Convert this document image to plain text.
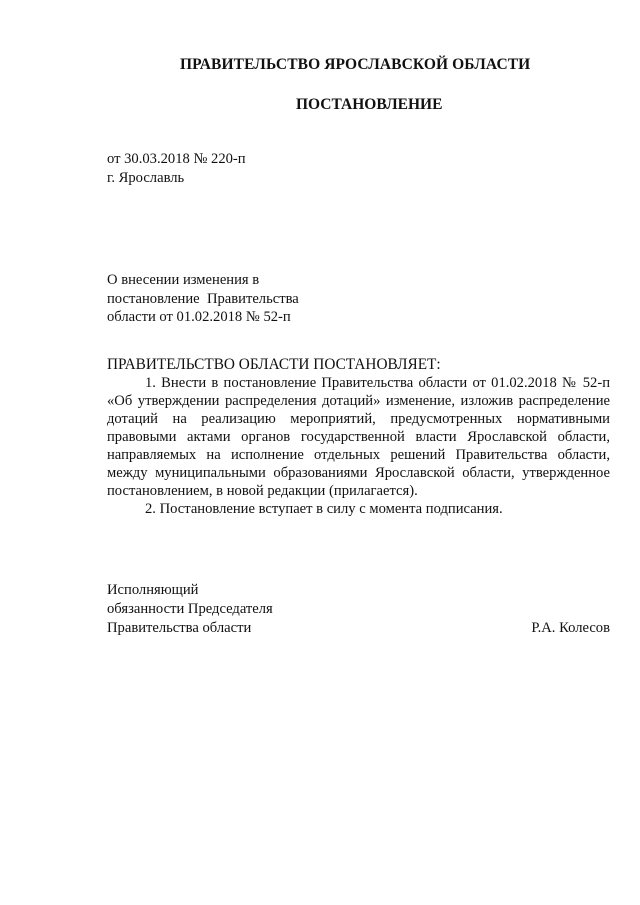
ПРАВИТЕЛЬСТВО ЯРОСЛАВСКОЙ ОБЛАСТИ
ПОСТАНОВЛЕНИЕ
от 30.03.2018 № 220-п
г. Ярославль
О внесении изменения в
постановление  Правительства
области от 01.02.2018 № 52-п
ПРАВИТЕЛЬСТВО ОБЛАСТИ ПОСТАНОВЛЯЕТ:

1. Внести в постановление Правительства области от 01.02.2018 № 52-п «Об утверждении распределения дотаций» изменение, изложив распределение дотаций на реализацию мероприятий, предусмотренных нормативными правовыми актами органов государственной власти Ярославской области, направляемых на исполнение отдельных решений Правительства области, между муниципальными образованиями Ярославской области, утвержденное постановлением, в новой редакции (прилагается).

2. Постановление вступает в силу с момента подписания.

Исполняющий
обязанности Председателя
Правительства области	Р.А. Колесов
